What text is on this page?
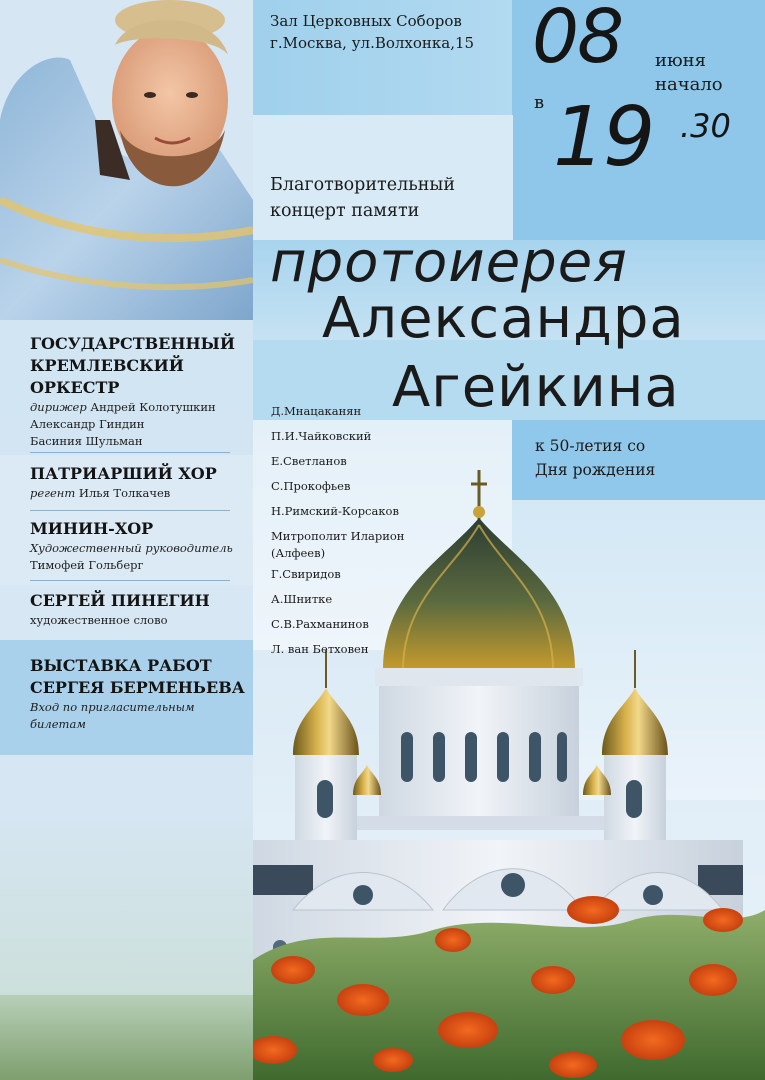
ГОСУДАРСТВЕННЫЙ
КРЕМЛЕВСКИЙ
ОРКЕСТР
дирижер Андрей Колотушкин
Александр Гиндин
Басиния Шульман
ПАТРИАРШИЙ ХОР
регент Илья Толкачев
МИНИН-ХОР
Художественный руководитель
Тимофей Гольберг
СЕРГЕЙ ПИНЕГИН
художественное слово
ВЫСТАВКА РАБОТ
СЕРГЕЯ БЕРМЕНЬЕВА
Вход по пригласительным
билетам
Зал Церковных Соборов
г.Москва, ул.Волхонка,15 08 июня
начало
в 19 .30
Благотворительный
концерт памяти
протоиерея
Александра
Агейкина
к 50-летия со
Дня рождения
Д.Мнацаканян
П.И.Чайковский
Е.Светланов
С.Прокофьев
Н.Римский-Корсаков
Митрополит Иларион
(Алфеев)
Г.Свиридов
А.Шнитке
С.В.Рахманинов
Л. ван Бетховен
